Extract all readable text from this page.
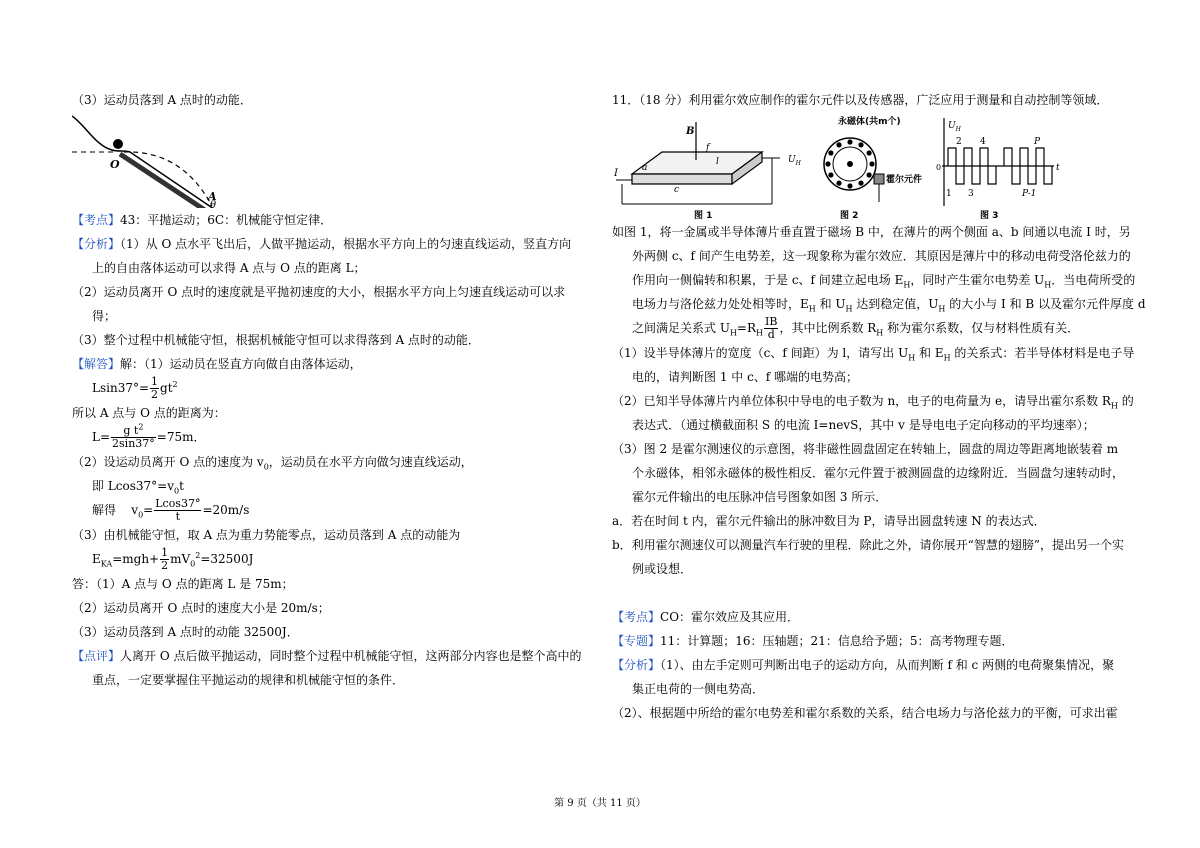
（3）运动员落到 A 点时的动能．
O
A
θ
【考点】43：平抛运动；6C：机械能守恒定律．
【分析】（1）从 O 点水平飞出后，人做平抛运动，根据水平方向上的匀速直线运动，竖直方向
上的自由落体运动可以求得 A 点与 O 点的距离 L；
（2）运动员离开 O 点时的速度就是平抛初速度的大小，根据水平方向上匀速直线运动可以求
得；
（3）整个过程中机械能守恒，根据机械能守恒可以求得落到 A 点时的动能．
【解答】解：（1）运动员在竖直方向做自由落体运动，
$Lsin37^\circ= \frac{1}{2} gt^2$
所以 A 点与 O 点的距离为：
$L= \frac{g t^2}{2\sin 37^\circ} =75m$．
（2）设运动员离开 O 点的速度为 $v_0$，运动员在水平方向做匀速直线运动，
即 $Lcos37^\circ=v_0t$
解得 $v_0= \frac{Lcos37^\circ}{t} =20m/s$
（3）由机械能守恒，取 A 点为重力势能零点，运动员落到 A 点的动能为
$E_{KA}=mgh+ \frac{1}{2} mV_0^2=32500J$
答：（1）A 点与 O 点的距离 L 是 75m；
（2）运动员离开 O 点时的速度大小是 20m/s；
（3）运动员落到 A 点时的动能 32500J．
【点评】人离开 O 点后做平抛运动，同时整个过程中机械能守恒，这两部分内容也是整个高中的
重点，一定要掌握住平抛运动的规律和机械能守恒的条件．
11．（18 分）利用霍尔效应制作的霍尔元件以及传感器，广泛应用于测量和自动控制等领域．
B
I	a
f
c
l	$U_H$
图 1
永磁体(共m个)
霍尔元件
图 2
$U_H$
t
2 4	P
1 3	P-1
0
图 3
如图 1，将一金属或半导体薄片垂直置于磁场 B 中，在薄片的两个侧面 a、b 间通以电流 I 时，另
外两侧 c、f 间产生电势差，这一现象称为霍尔效应．其原因是薄片中的移动电荷受洛伦兹力的
作用向一侧偏转和积累，于是 c、f 间建立起电场 $E_H$，同时产生霍尔电势差 $U_H$．当电荷所受的
电场力与洛伦兹力处处相等时，$E_H$ 和 $U_H$ 达到稳定值，$U_H$ 的大小与 I 和 B 以及霍尔元件厚度 d
之间满足关系式 $U_H=R_H \frac{IB}{d}$ ，其中比例系数 $R_H$ 称为霍尔系数，仅与材料性质有关．
（1）设半导体薄片的宽度（c、f 间距）为 l，请写出 $U_H$ 和 $E_H$ 的关系式：若半导体材料是电子导
电的，请判断图 1 中 c、f 哪端的电势高；
（2）已知半导体薄片内单位体积中导电的电子数为 n，电子的电荷量为 e，请导出霍尔系数 $R_H$ 的
表达式．（通过横截面积 S 的电流 I=nevS，其中 v 是导电电子定向移动的平均速率）；
（3）图 2 是霍尔测速仪的示意图，将非磁性圆盘固定在转轴上，圆盘的周边等距离地嵌装着 m
个永磁体，相邻永磁体的极性相反．霍尔元件置于被测圆盘的边缘附近．当圆盘匀速转动时，
霍尔元件输出的电压脉冲信号图象如图 3 所示．
a．若在时间 t 内，霍尔元件输出的脉冲数目为 P，请导出圆盘转速 N 的表达式．
b．利用霍尔测速仪可以测量汽车行驶的里程．除此之外，请你展开“智慧的翅膀”，提出另一个实
例或设想．

【考点】CO：霍尔效应及其应用．
【专题】11：计算题；16：压轴题；21：信息给予题；5：高考物理专题．
【分析】（1）、由左手定则可判断出电子的运动方向，从而判断 f 和 c 两侧的电荷聚集情况，聚
集正电荷的一侧电势高．
（2）、根据题中所给的霍尔电势差和霍尔系数的关系，结合电场力与洛伦兹力的平衡，可求出霍
第 9 页（共 11 页）
